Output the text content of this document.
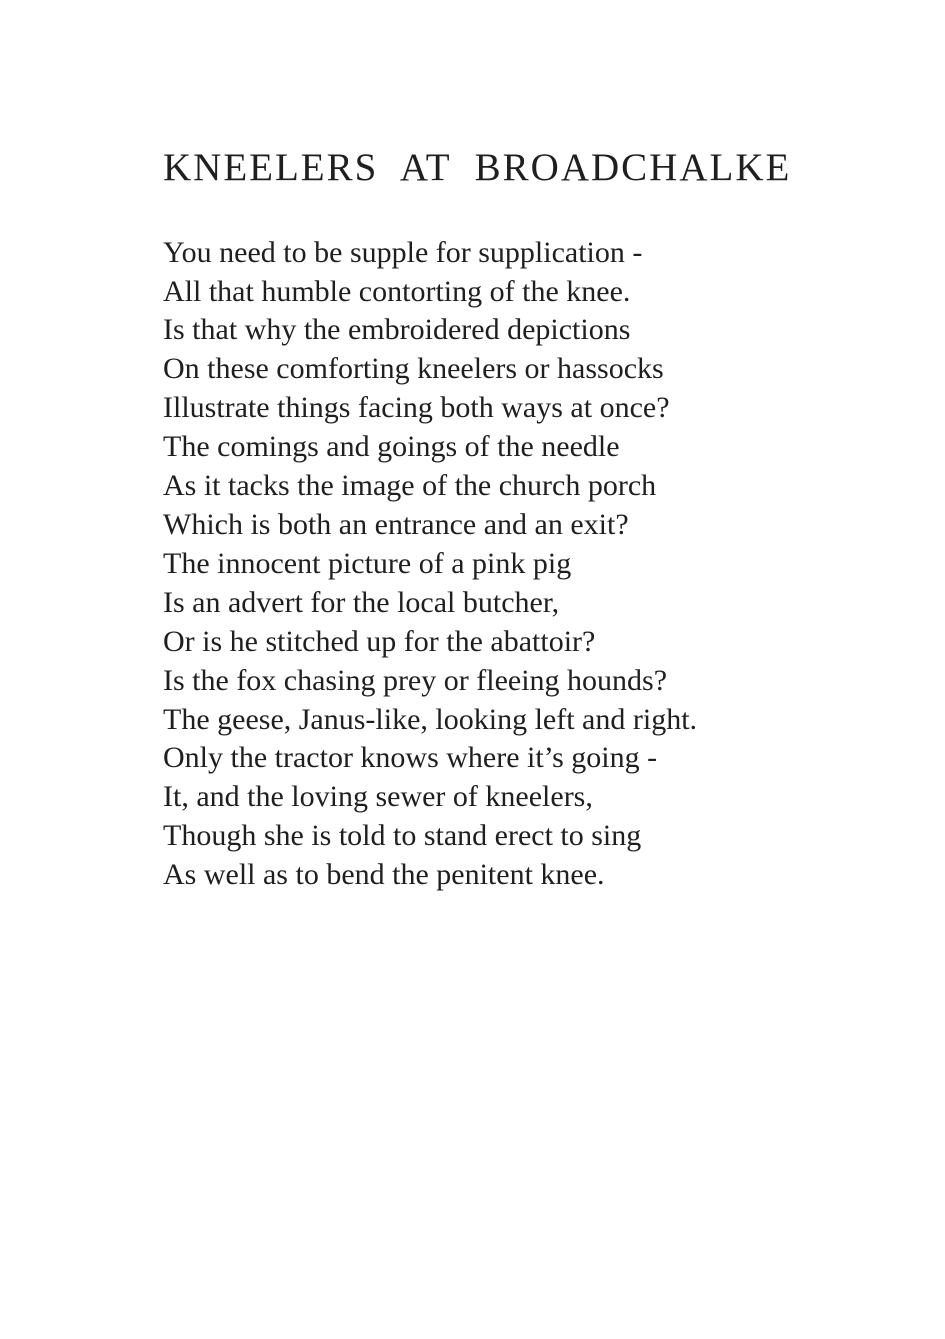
KNEELERS AT BROADCHALKE
You need to be supple for supplication -
All that humble contorting of the knee.
Is that why the embroidered depictions
On these comforting kneelers or hassocks
Illustrate things facing both ways at once?
The comings and goings of the needle
As it tacks the image of the church porch
Which is both an entrance and an exit?
The innocent picture of a pink pig
Is an advert for the local butcher,
Or is he stitched up for the abattoir?
Is the fox chasing prey or fleeing hounds?
The geese, Janus-like, looking left and right.
Only the tractor knows where it’s going -
It, and the loving sewer of kneelers,
Though she is told to stand erect to sing
As well as to bend the penitent knee.
